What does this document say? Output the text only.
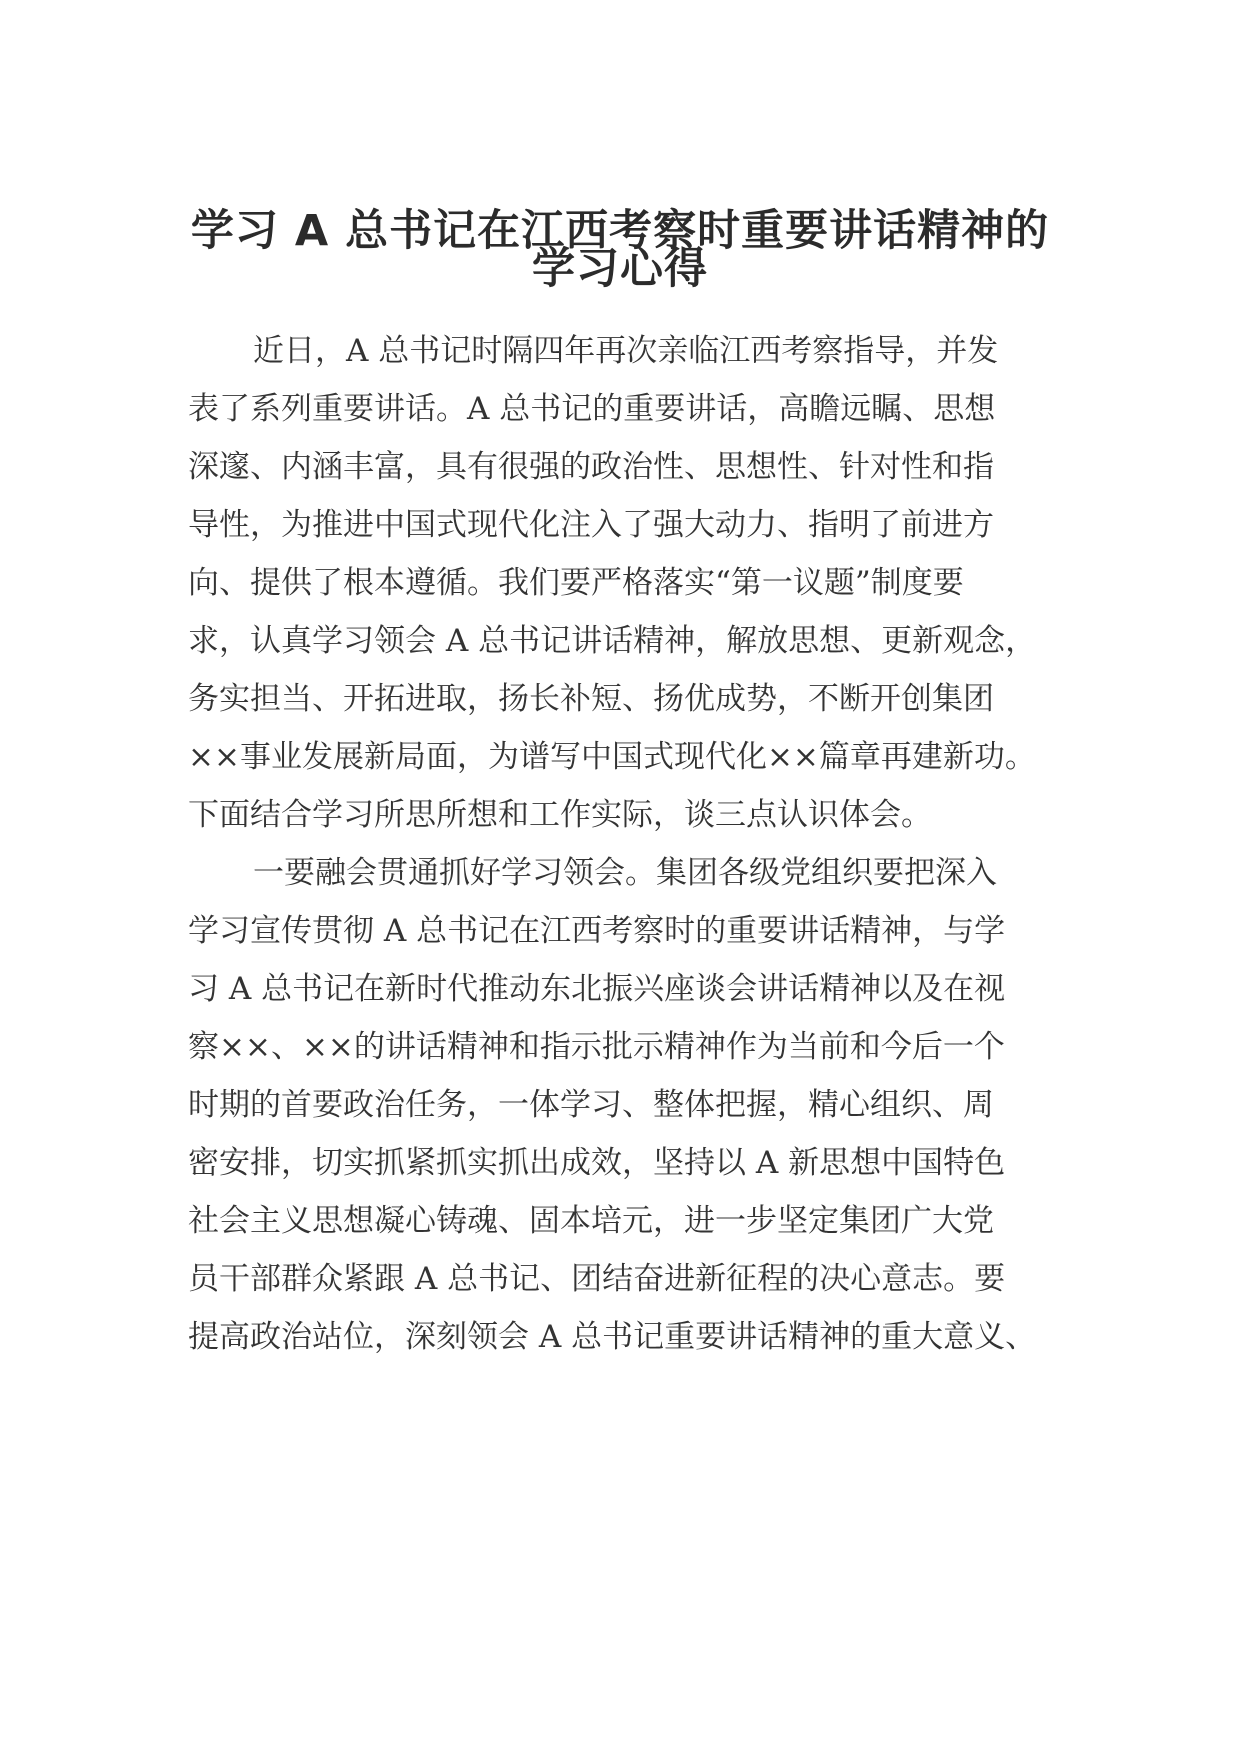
学习 A 总书记在江西考察时重要讲话精神的
学习心得
近日，A 总书记时隔四年再次亲临江西考察指导，并发
表了系列重要讲话。A 总书记的重要讲话，高瞻远瞩、思想
深邃、内涵丰富，具有很强的政治性、思想性、针对性和指
导性，为推进中国式现代化注入了强大动力、指明了前进方
向、提供了根本遵循。我们要严格落实“第一议题”制度要
求，认真学习领会 A 总书记讲话精神，解放思想、更新观念，
务实担当、开拓进取，扬长补短、扬优成势，不断开创集团
××事业发展新局面，为谱写中国式现代化××篇章再建新功。
下面结合学习所思所想和工作实际，谈三点认识体会。
一要融会贯通抓好学习领会。集团各级党组织要把深入
学习宣传贯彻 A 总书记在江西考察时的重要讲话精神，与学
习 A 总书记在新时代推动东北振兴座谈会讲话精神以及在视
察××、××的讲话精神和指示批示精神作为当前和今后一个
时期的首要政治任务，一体学习、整体把握，精心组织、周
密安排，切实抓紧抓实抓出成效，坚持以 A 新思想中国特色
社会主义思想凝心铸魂、固本培元，进一步坚定集团广大党
员干部群众紧跟 A 总书记、团结奋进新征程的决心意志。要
提高政治站位，深刻领会 A 总书记重要讲话精神的重大意义、
